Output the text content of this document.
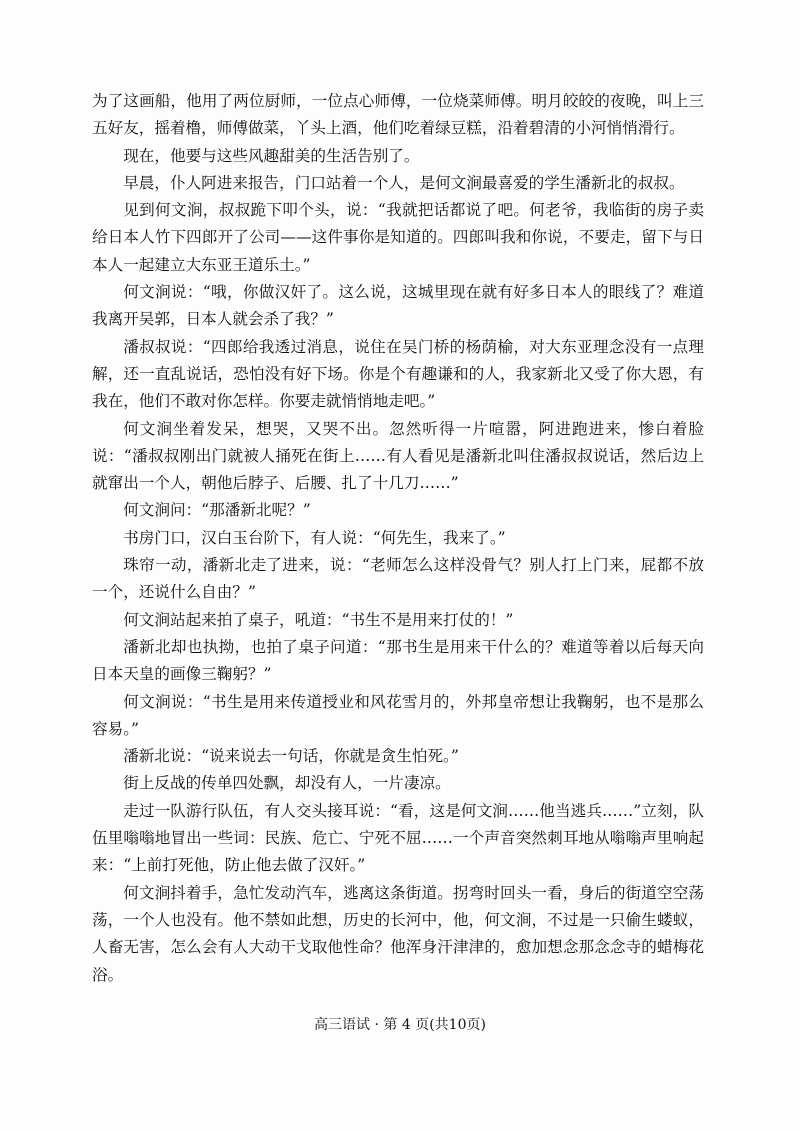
为了这画船，他用了两位厨师，一位点心师傅，一位烧菜师傅。明月皎皎的夜晚，叫上三五好友，摇着橹，师傅做菜，丫头上酒，他们吃着绿豆糕，沿着碧清的小河悄悄滑行。

现在，他要与这些风趣甜美的生活告别了。

早晨，仆人阿进来报告，门口站着一个人，是何文涧最喜爱的学生潘新北的叔叔。

见到何文涧，叔叔跪下叩个头，说：“我就把话都说了吧。何老爷，我临街的房子卖给日本人竹下四郎开了公司——这件事你是知道的。四郎叫我和你说，不要走，留下与日本人一起建立大东亚王道乐土。”

何文涧说：“哦，你做汉奸了。这么说，这城里现在就有好多日本人的眼线了？难道我离开吴郭，日本人就会杀了我？”

潘叔叔说：“四郎给我透过消息，说住在吴门桥的杨荫榆，对大东亚理念没有一点理解，还一直乱说话，恐怕没有好下场。你是个有趣谦和的人，我家新北又受了你大恩，有我在，他们不敢对你怎样。你要走就悄悄地走吧。”

何文涧坐着发呆，想哭，又哭不出。忽然听得一片喧嚣，阿进跑进来，惨白着脸说：“潘叔叔刚出门就被人捅死在街上……有人看见是潘新北叫住潘叔叔说话，然后边上就窜出一个人，朝他后脖子、后腰、扎了十几刀……”

何文涧问：“那潘新北呢？”

书房门口，汉白玉台阶下，有人说：“何先生，我来了。”

珠帘一动，潘新北走了进来，说：“老师怎么这样没骨气？别人打上门来，屁都不放一个，还说什么自由？”

何文涧站起来拍了桌子，吼道：“书生不是用来打仗的！”

潘新北却也执拗，也拍了桌子问道：“那书生是用来干什么的？难道等着以后每天向日本天皇的画像三鞠躬？”

何文涧说：“书生是用来传道授业和风花雪月的，外邦皇帝想让我鞠躬，也不是那么容易。”

潘新北说：“说来说去一句话，你就是贪生怕死。”

街上反战的传单四处飘，却没有人，一片凄凉。

走过一队游行队伍，有人交头接耳说：“看，这是何文涧……他当逃兵……”立刻，队伍里嗡嗡地冒出一些词：民族、危亡、宁死不屈……一个声音突然刺耳地从嗡嗡声里响起来：“上前打死他，防止他去做了汉奸。”

何文涧抖着手，急忙发动汽车，逃离这条街道。拐弯时回头一看，身后的街道空空荡荡，一个人也没有。他不禁如此想，历史的长河中，他，何文涧，不过是一只偷生蝼蚁，人畜无害，怎么会有人大动干戈取他性命？他浑身汗津津的，愈加想念那念念寺的蜡梅花浴。

高三语试 · 第 4 页(共10页)
